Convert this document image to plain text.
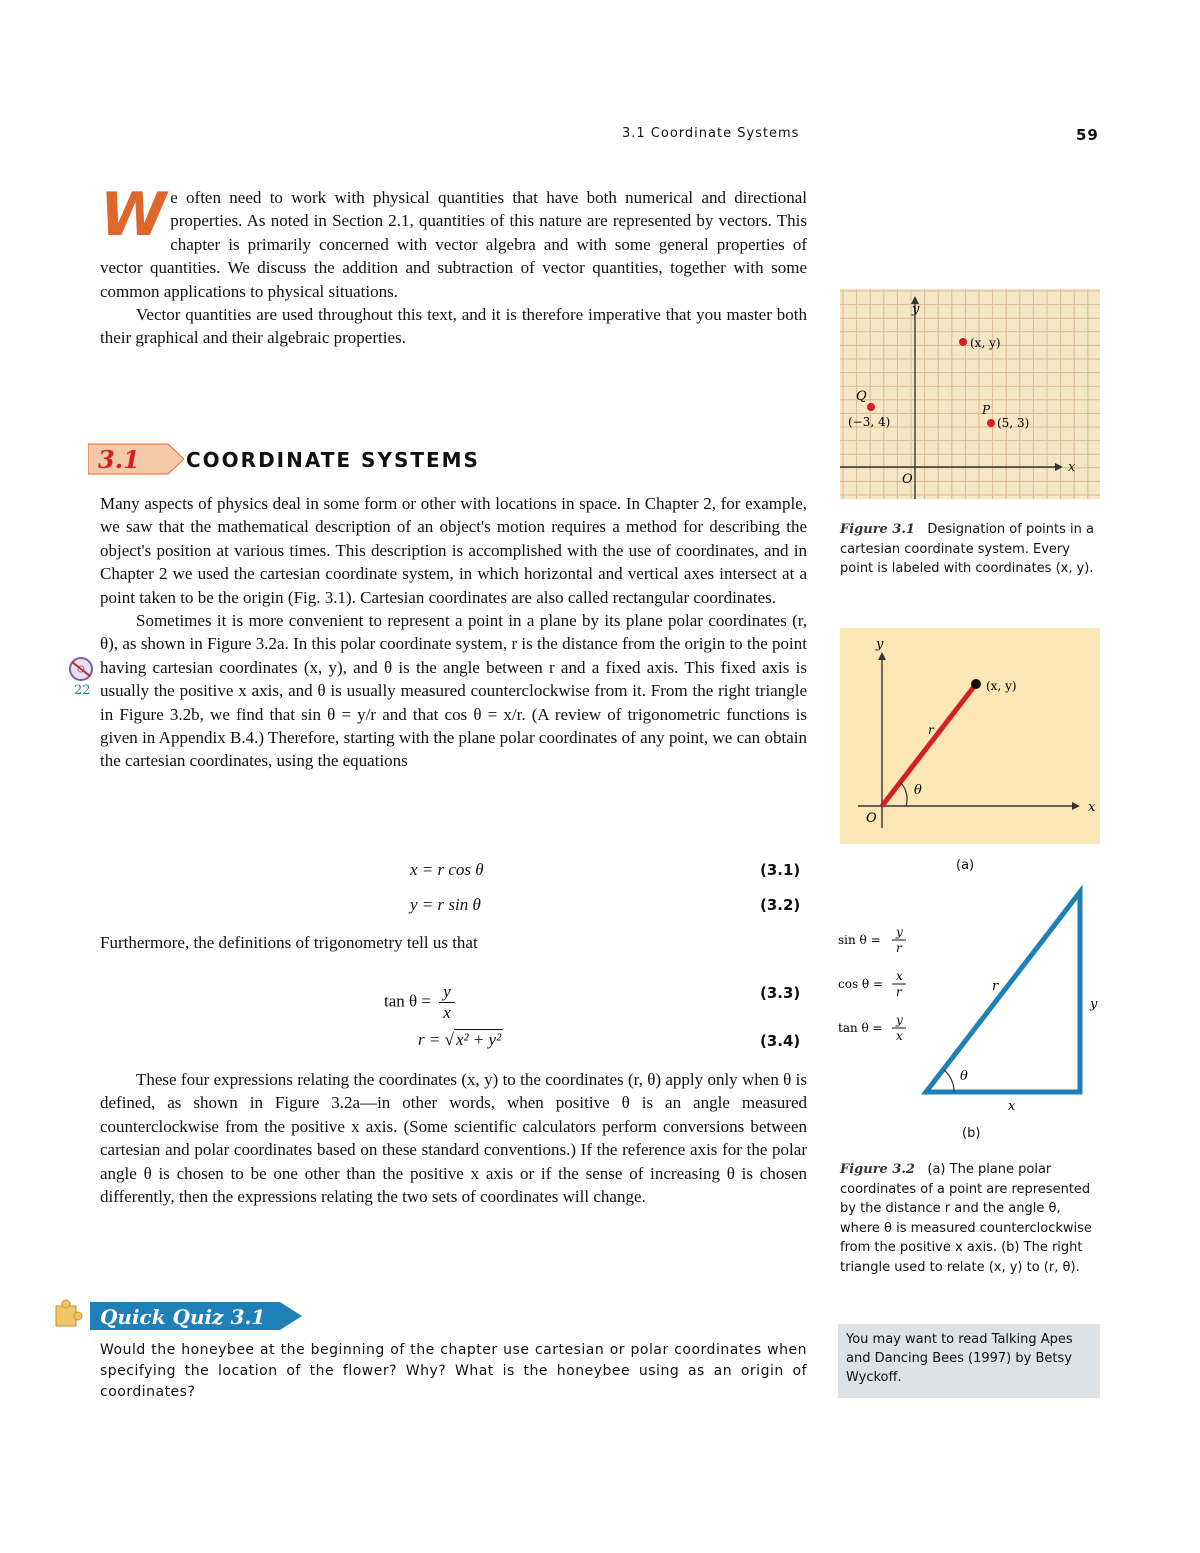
3.1 Coordinate Systems	59
W e often need to work with physical quantities that have both numerical and directional properties. As noted in Section 2.1, quantities of this nature are represented by vectors. This chapter is primarily concerned with vector algebra and with some general properties of vector quantities. We discuss the addition and subtraction of vector quantities, together with some common applications to physical situations.

Vector quantities are used throughout this text, and it is therefore imperative that you master both their graphical and their algebraic properties.

3.1 COORDINATE SYSTEMS

Many aspects of physics deal in some form or other with locations in space. In Chapter 2, for example, we saw that the mathematical description of an object's motion requires a method for describing the object's position at various times. This description is accomplished with the use of coordinates, and in Chapter 2 we used the cartesian coordinate system, in which horizontal and vertical axes intersect at a point taken to be the origin (Fig. 3.1). Cartesian coordinates are also called rectangular coordinates.

Sometimes it is more convenient to represent a point in a plane by its plane polar coordinates (r, θ), as shown in Figure 3.2a. In this polar coordinate system, r is the distance from the origin to the point having cartesian coordinates (x, y), and θ is the angle between r and a fixed axis. This fixed axis is usually the positive x axis, and θ is usually measured counterclockwise from it. From the right triangle in Figure 3.2b, we find that sin θ = y/r and that cos θ = x/r. (A review of trigonometric functions is given in Appendix B.4.) Therefore, starting with the plane polar coordinates of any point, we can obtain the cartesian coordinates, using the equations

22
x = r cos θ	(3.1)
y = r sin θ	(3.2)
Furthermore, the definitions of trigonometry tell us that
$\tan \theta = \frac{y}{x}$	(3.3)
r = √ x² + y²	(3.4)

These four expressions relating the coordinates (x, y) to the coordinates (r, θ) apply only when θ is defined, as shown in Figure 3.2a—in other words, when positive θ is an angle measured counterclockwise from the positive x axis. (Some scientific calculators perform conversions between cartesian and polar coordinates based on these standard conventions.) If the reference axis for the polar angle θ is chosen to be one other than the positive x axis or if the sense of increasing θ is chosen differently, then the expressions relating the two sets of coordinates will change.

Quick Quiz 3.1
Would the honeybee at the beginning of the chapter use cartesian or polar coordinates when specifying the location of the flower? Why? What is the honeybee using as an origin of coordinates?
x
y
O
(x, y)
Q
(−3, 4)
P
(5, 3)
Figure 3.1 Designation of points in a cartesian coordinate system. Every point is labeled with coordinates (x, y).
x
y
O
(x, y)
r
θ
(a)
sin θ =
y
r
cos θ =
x
r
tan θ =
y
x
r
y
x
θ
(b)
Figure 3.2 (a) The plane polar coordinates of a point are represented by the distance r and the angle θ, where θ is measured counterclockwise from the positive x axis. (b) The right triangle used to relate (x, y) to (r, θ).
You may want to read Talking Apes and Dancing Bees (1997) by Betsy Wyckoff.
